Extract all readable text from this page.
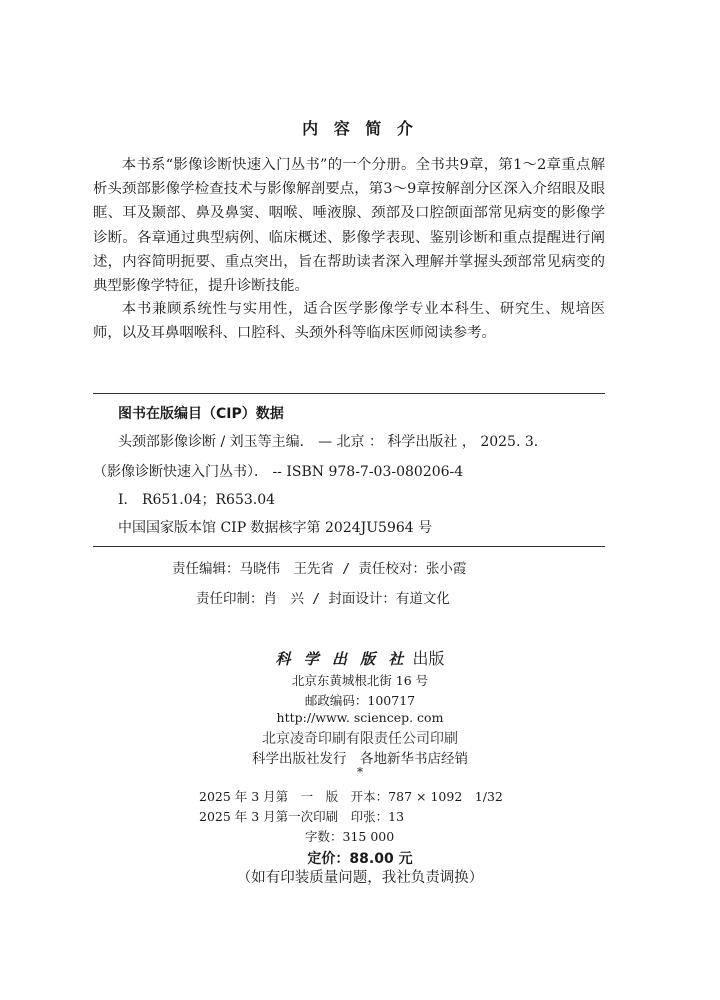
内 容 简 介

本书系“影像诊断快速入门丛书”的一个分册。全书共9章，第1～2章重点解析头颈部影像学检查技术与影像解剖要点，第3～9章按解剖分区深入介绍眼及眼眶、耳及颞部、鼻及鼻窦、咽喉、唾液腺、颈部及口腔颌面部常见病变的影像学诊断。各章通过典型病例、临床概述、影像学表现、鉴别诊断和重点提醒进行阐述，内容简明扼要、重点突出，旨在帮助读者深入理解并掌握头颈部常见病变的典型影像学特征，提升诊断技能。

本书兼顾系统性与实用性，适合医学影像学专业本科生、研究生、规培医师，以及耳鼻咽喉科、口腔科、头颈外科等临床医师阅读参考。

图书在版编目（CIP）数据
头颈部影像诊断 / 刘玉等主编． — 北京 ： 科学出版社 ， 2025. 3.
（影像诊断快速入门丛书）． -- ISBN 978-7-03-080206-4
Ⅰ． R651.04；R653.04
中国国家版本馆 CIP 数据核字第 2024JU5964 号
责任编辑：马晓伟　王先省 / 责任校对：张小霞
责任印制：肖　兴 / 封面设计：有道文化
科 学 出 版 社 出版
北京东黄城根北街 16 号
邮政编码：100717
http://www. sciencep. com
北京凌奇印刷有限责任公司印刷
科学出版社发行　各地新华书店经销
*
2025 年 3 月第　一　版　开本：787 × 1092　1/32
2025 年 3 月第一次印刷　印张：13
字数：315 000
定价：88.00 元
（如有印装质量问题，我社负责调换）
